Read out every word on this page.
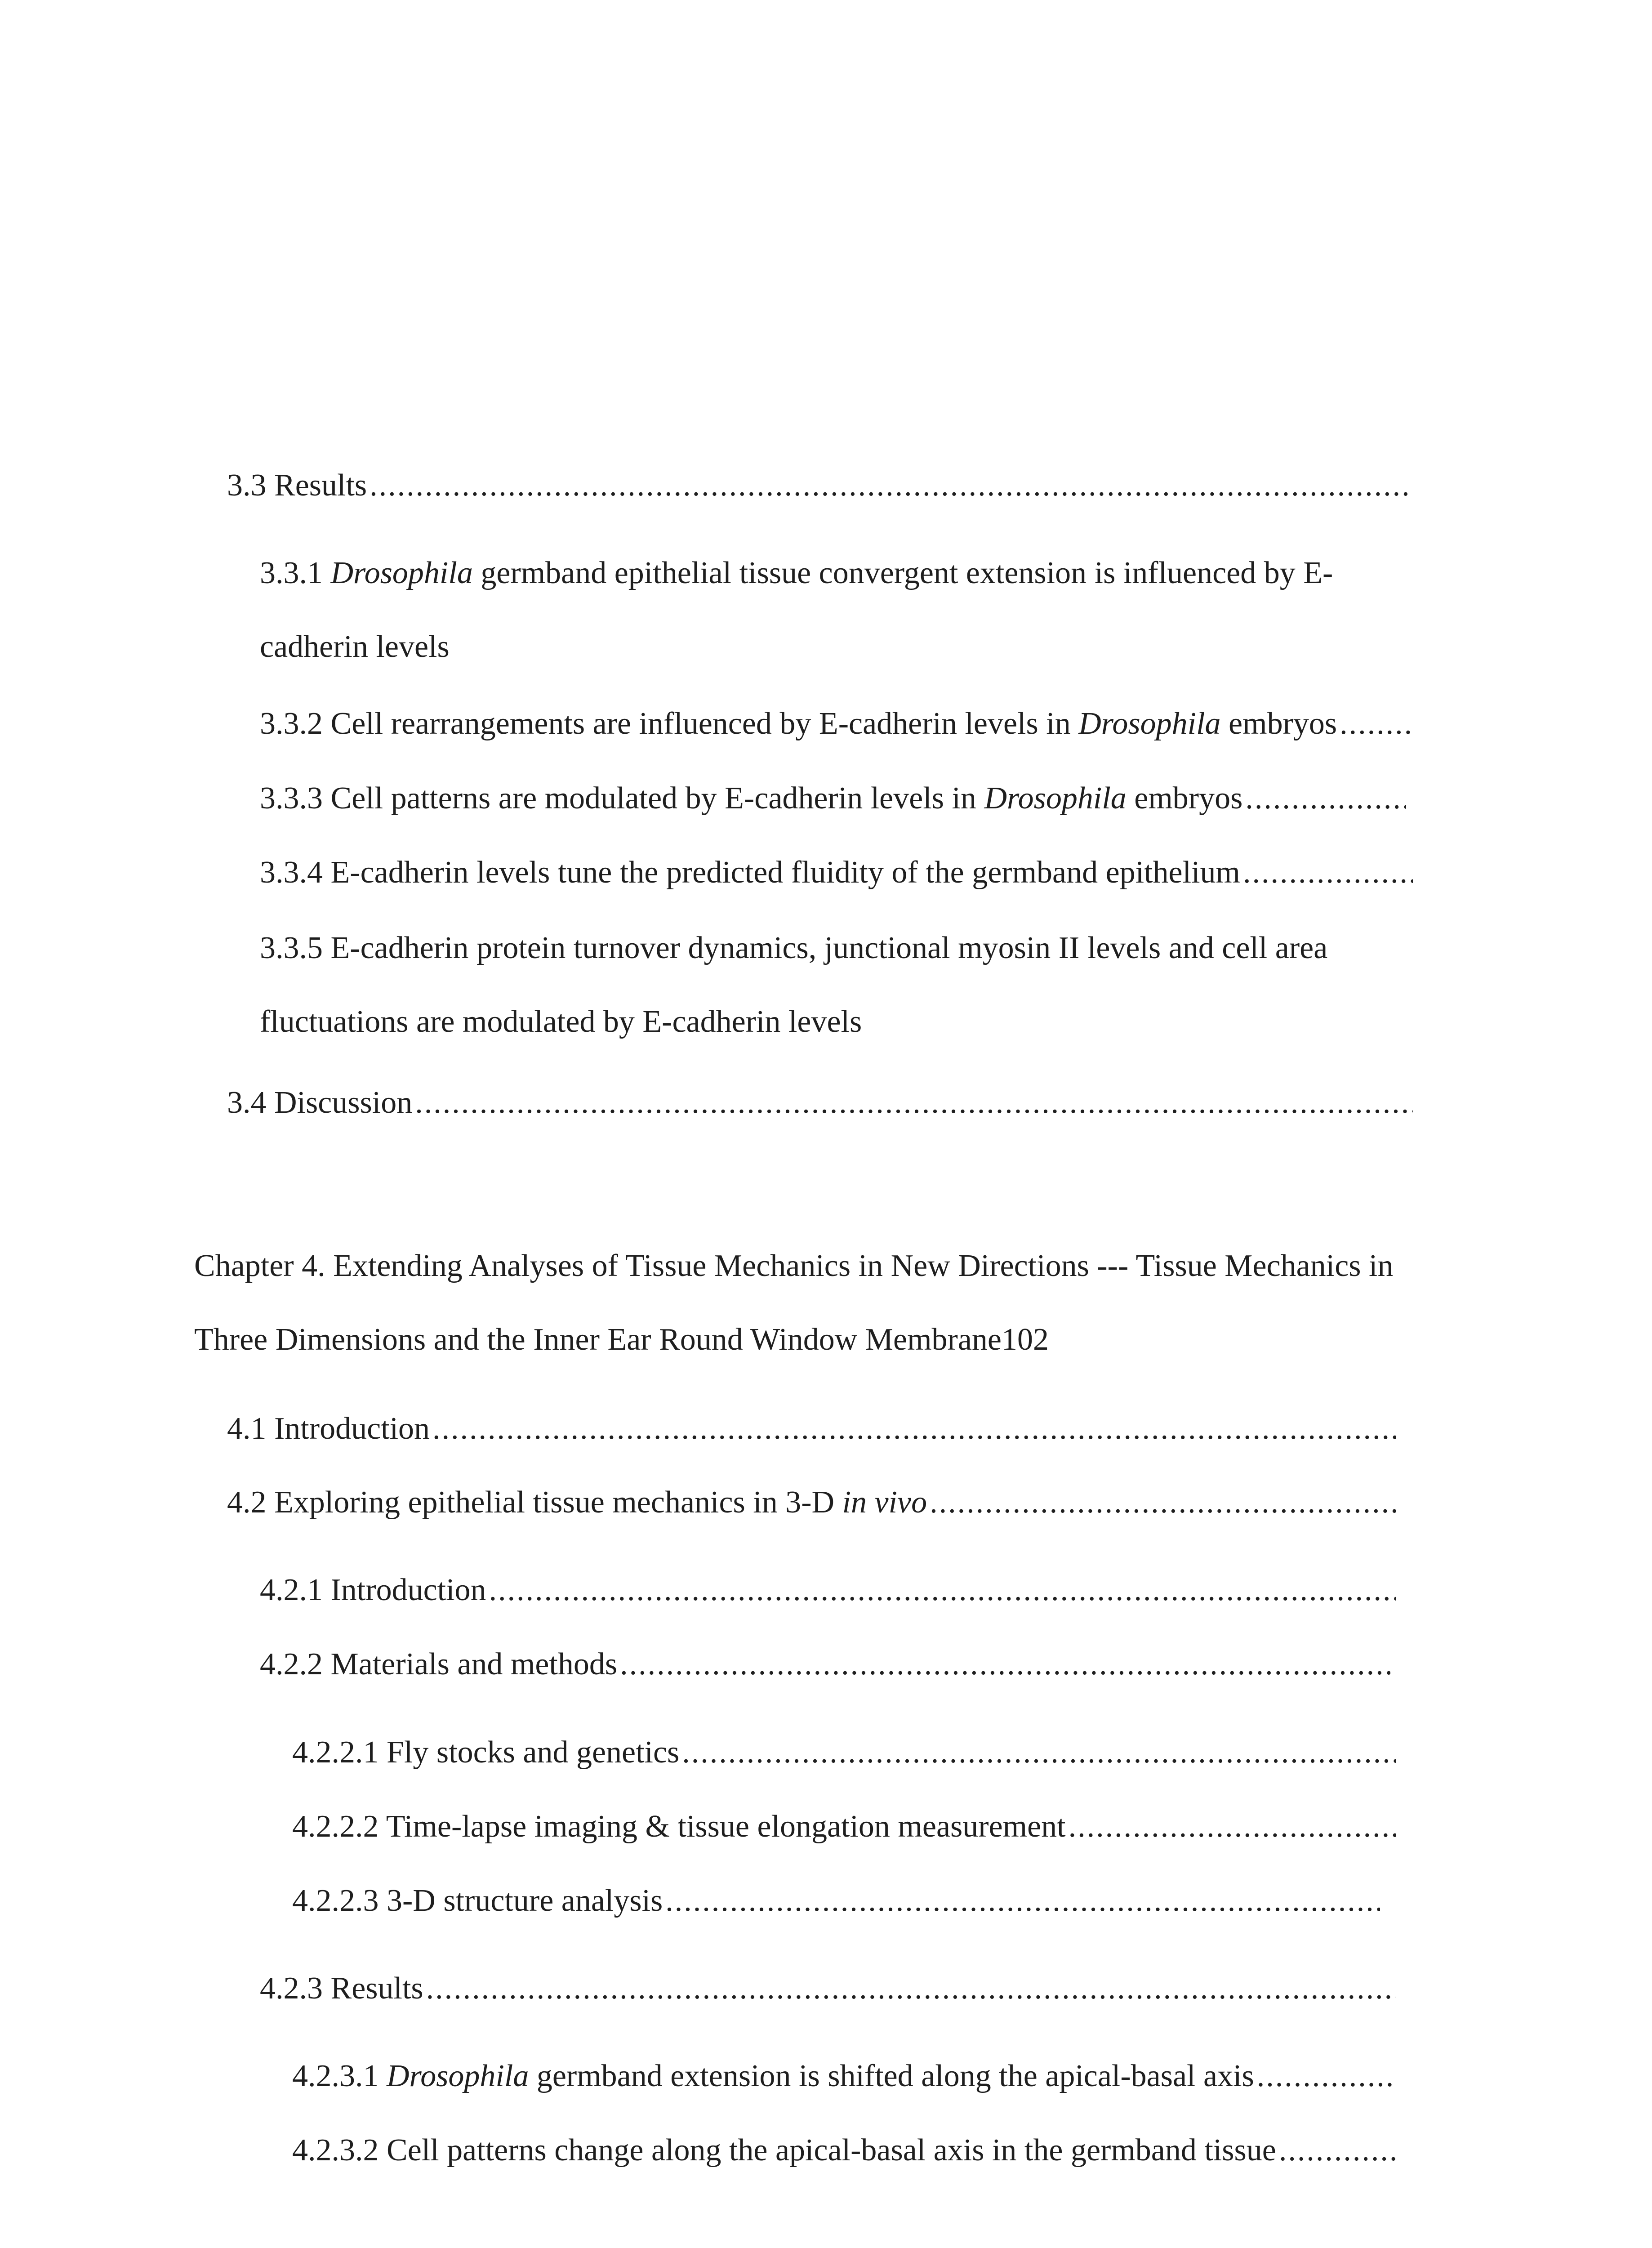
3.3 Results
.....
3.3.1 Drosophila germband epithelial tissue convergent extension is influenced by E-
cadherin levels
3.3.2 Cell rearrangements are influenced by E-cadherin levels in Drosophila embryos
.....
3.3.3 Cell patterns are modulated by E-cadherin levels in Drosophila embryos
.....
3.3.4 E-cadherin levels tune the predicted fluidity of the germband epithelium
.....
3.3.5 E-cadherin protein turnover dynamics, junctional myosin II levels and cell area
fluctuations are modulated by E-cadherin levels
3.4 Discussion
.....
Chapter 4. Extending Analyses of Tissue Mechanics in New Directions --- Tissue Mechanics in
Three Dimensions and the Inner Ear Round Window Membrane 102
4.1 Introduction
.....
4.2 Exploring epithelial tissue mechanics in 3-D in vivo
.....
4.2.1 Introduction
.....
4.2.2 Materials and methods
.....
4.2.2.1 Fly stocks and genetics
.....
4.2.2.2 Time-lapse imaging & tissue elongation measurement
.....
4.2.2.3 3-D structure analysis
.....
4.2.3 Results
.....
4.2.3.1 Drosophila germband extension is shifted along the apical-basal axis
.....
4.2.3.2 Cell patterns change along the apical-basal axis in the germband tissue
.....
